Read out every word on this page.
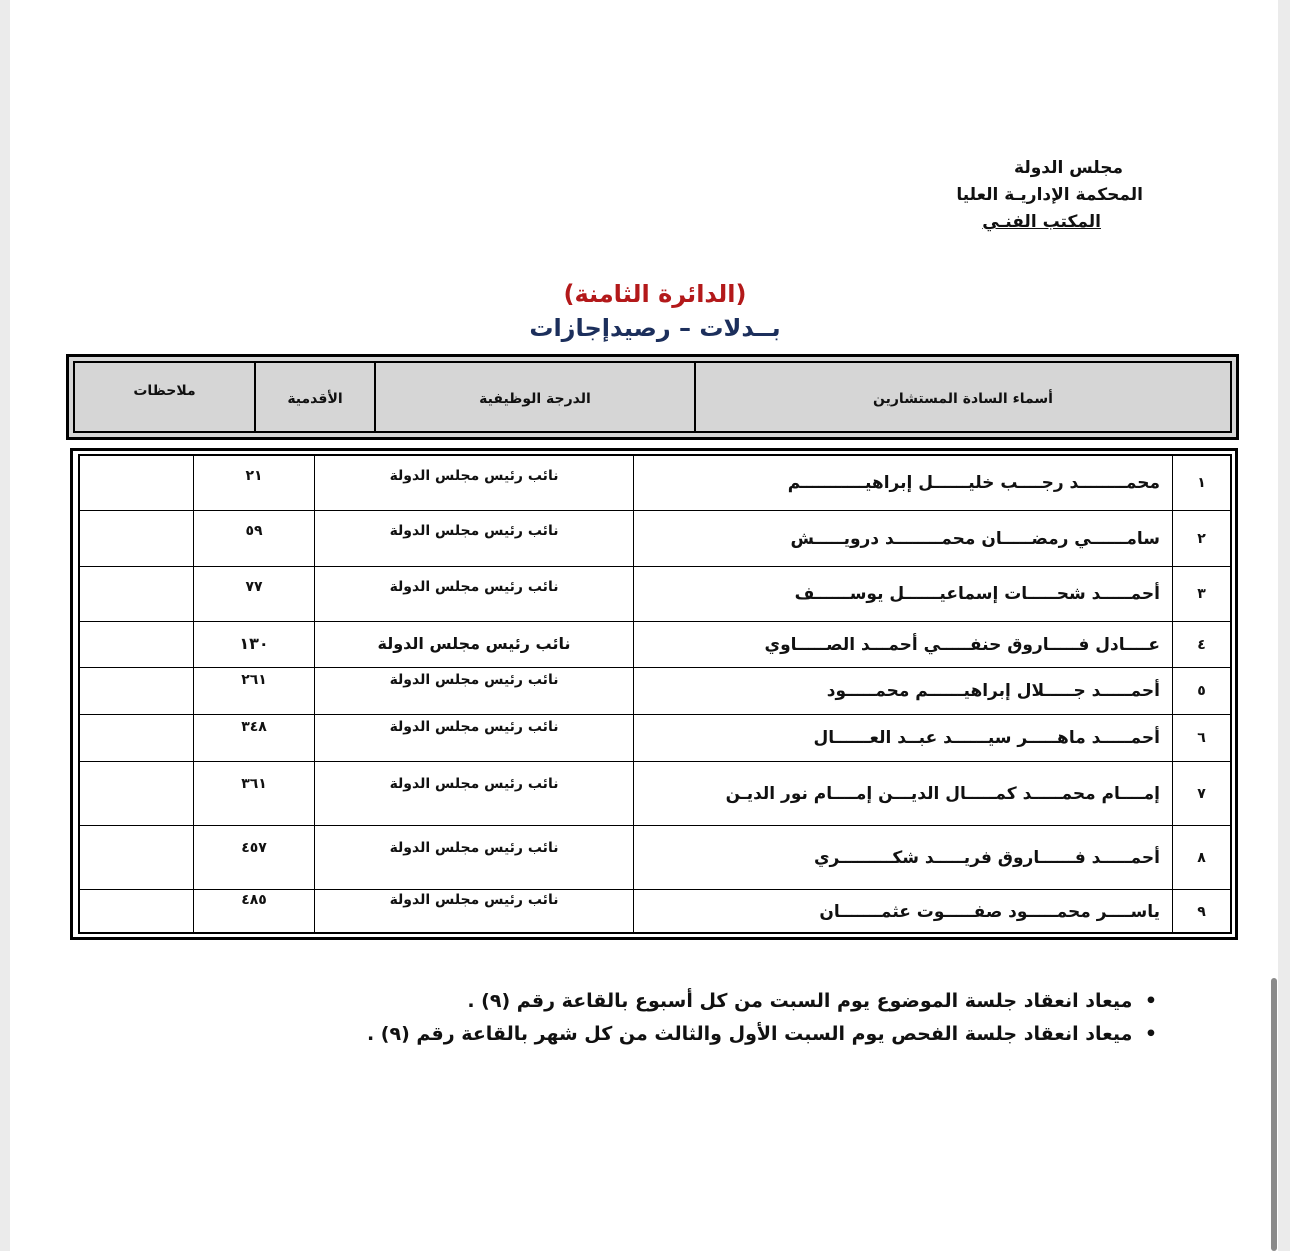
مجلس الدولة
المحكمة الإداريـة العليا
المكتب الفنـي
(الدائرة الثامنة)
بــدلات – رصيدإجازات
أسماء السادة المستشارين
الدرجة الوظيفية
الأقدمية
ملاحظات
١
محمــــــــد رجــــب خليــــــل إبراهيـــــــــــم
نائب رئيس مجلس الدولة
٢١
٢
سامــــــي رمضـــــان محمــــــــد درويـــــش
نائب رئيس مجلس الدولة
٥٩
٣
أحمـــــد شحـــــات إسماعيــــــل يوســــــف
نائب رئيس مجلس الدولة
٧٧
٤
عــــادل فـــــاروق حنفـــــي أحمـــد الصـــــاوي
نائب رئيس مجلس الدولة
١٣٠
٥
أحمـــــد جـــــلال إبراهيــــــم محمـــــود
نائب رئيس مجلس الدولة
٢٦١
٦
أحمـــــد ماهـــــر سيــــــد عبــد العــــــال
نائب رئيس مجلس الدولة
٣٤٨
٧
إمــــام محمـــــد كمـــــال الديـــن إمــــام نور الديـن
نائب رئيس مجلس الدولة
٣٦١
٨
أحمـــــد فــــــاروق فريـــــد شكـــــــــري
نائب رئيس مجلس الدولة
٤٥٧
٩
ياســــر محمـــــود صفـــــوت عثمـــــــان
نائب رئيس مجلس الدولة
٤٨٥
• ميعاد انعقاد جلسة الموضوع يوم السبت من كل أسبوع بالقاعة رقم (٩) .
• ميعاد انعقاد جلسة الفحص يوم السبت الأول والثالث من كل شهر بالقاعة رقم (٩) .
